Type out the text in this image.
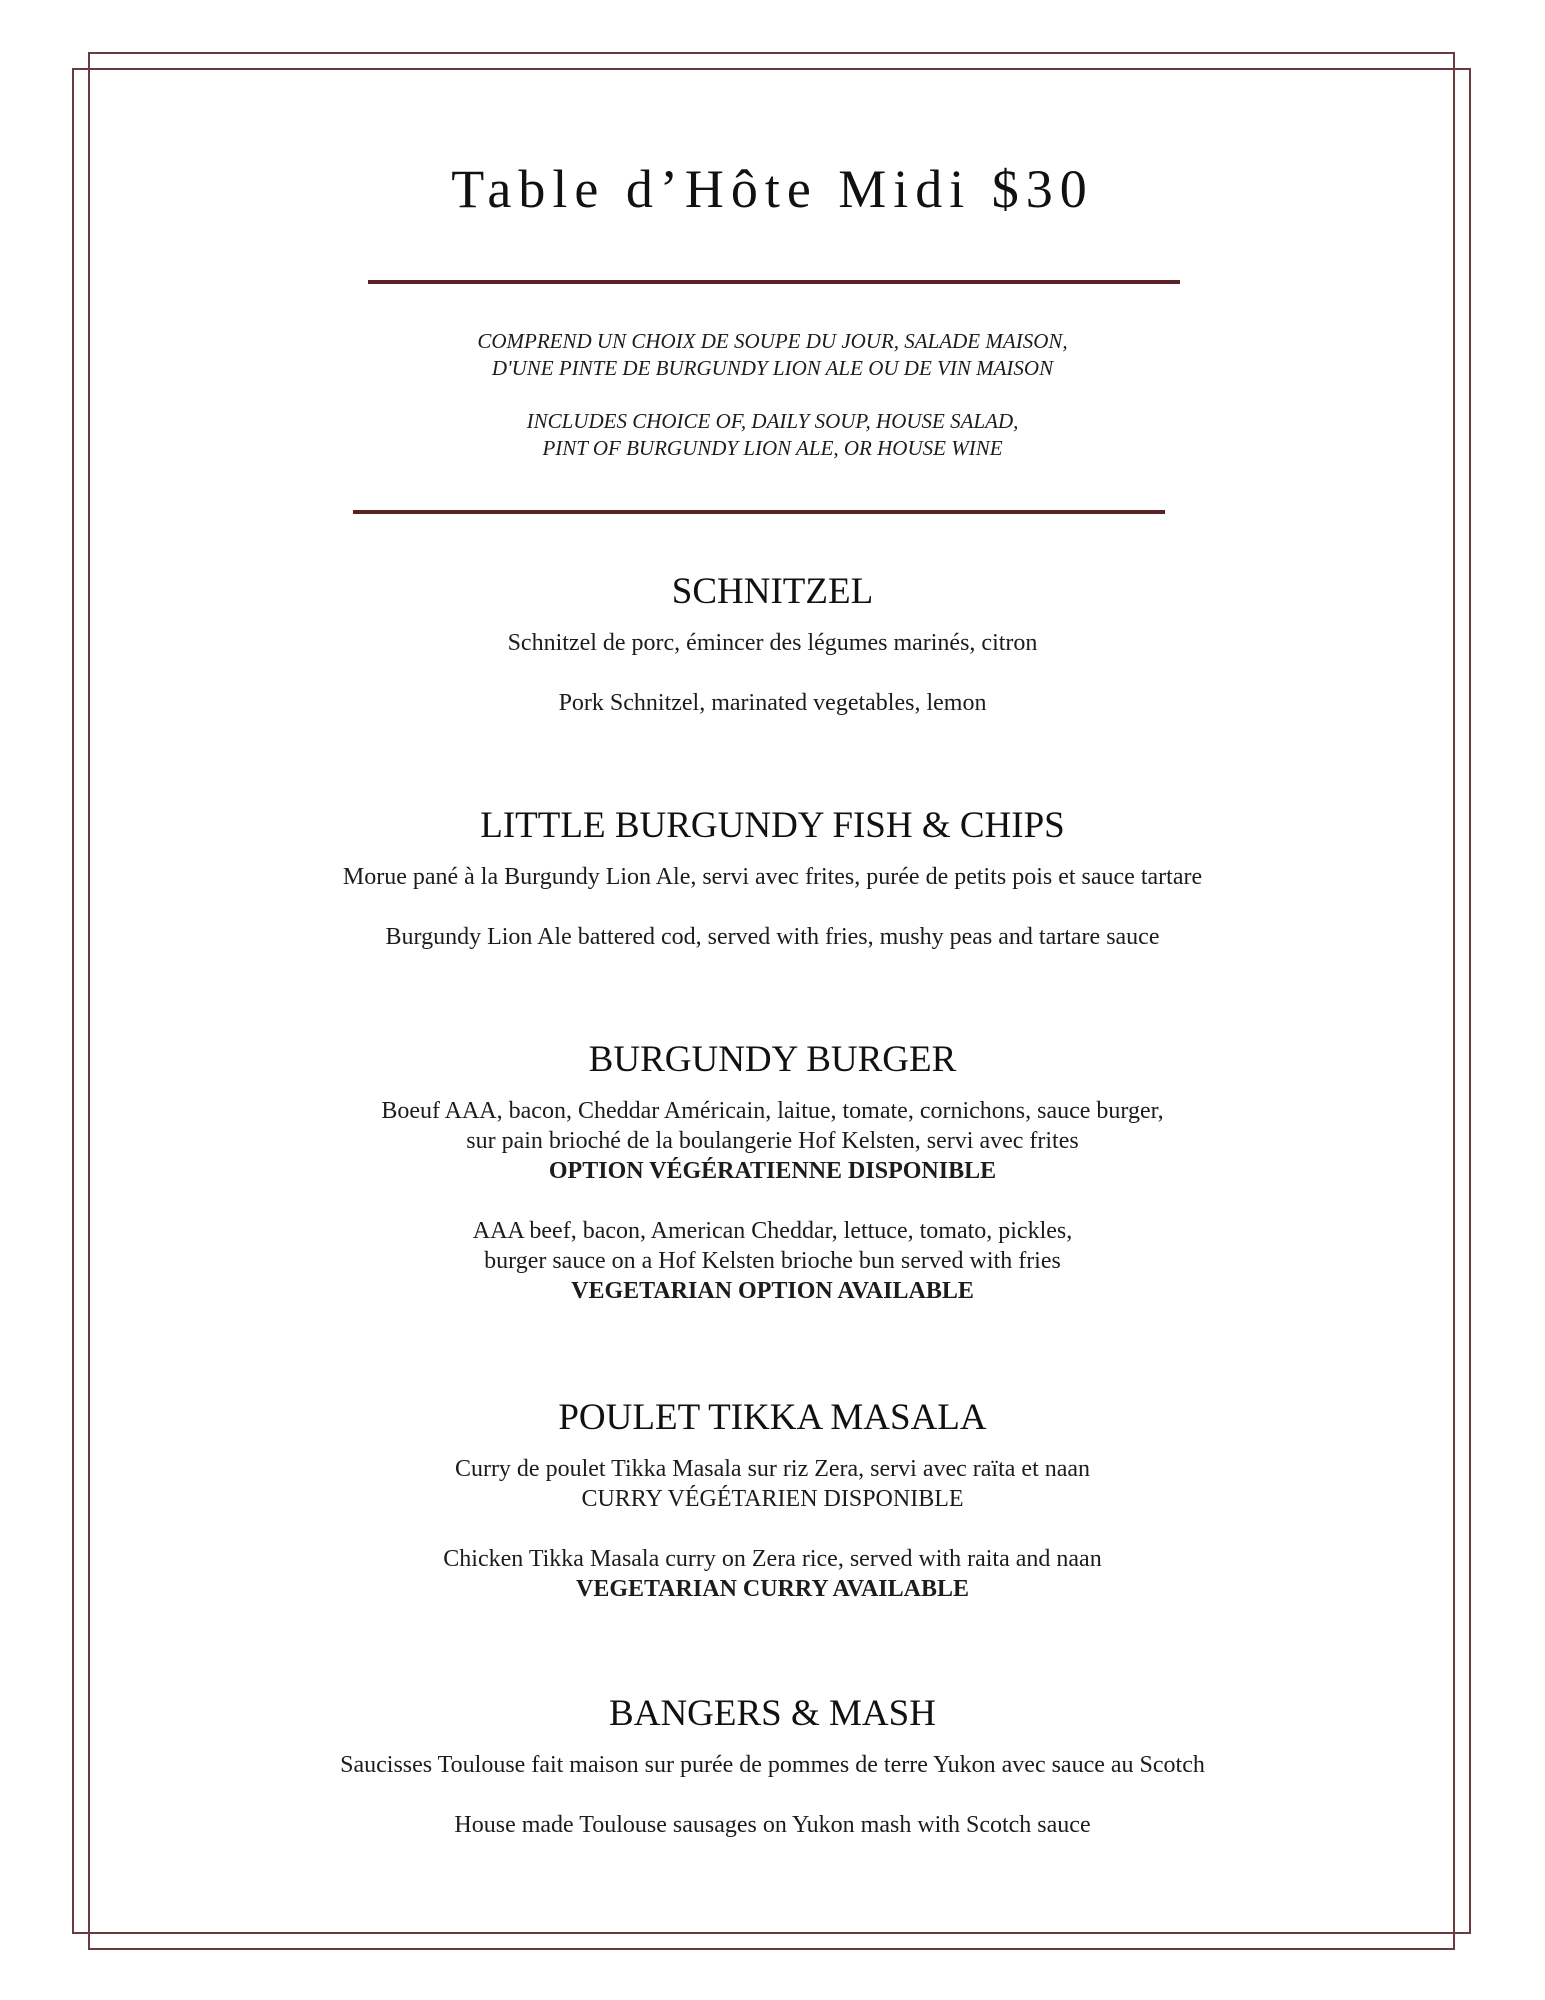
Table d’Hôte Midi $30
COMPREND UN CHOIX DE SOUPE DU JOUR, SALADE MAISON,
D'UNE PINTE DE BURGUNDY LION ALE OU DE VIN MAISON
INCLUDES CHOICE OF, DAILY SOUP, HOUSE SALAD,
PINT OF BURGUNDY LION ALE, OR HOUSE WINE
SCHNITZEL

Schnitzel de porc, émincer des légumes marinés, citron

Pork Schnitzel, marinated vegetables, lemon

LITTLE BURGUNDY FISH & CHIPS

Morue pané à la Burgundy Lion Ale, servi avec frites, purée de petits pois et sauce tartare

Burgundy Lion Ale battered cod, served with fries, mushy peas and tartare sauce

BURGUNDY BURGER

Boeuf AAA, bacon, Cheddar Américain, laitue, tomate, cornichons, sauce burger,

sur pain brioché de la boulangerie Hof Kelsten, servi avec frites

OPTION VÉGÉRATIENNE DISPONIBLE

AAA beef, bacon, American Cheddar, lettuce, tomato, pickles,

burger sauce on a Hof Kelsten brioche bun served with fries

VEGETARIAN OPTION AVAILABLE

POULET TIKKA MASALA

Curry de poulet Tikka Masala sur riz Zera, servi avec raïta et naan

CURRY VÉGÉTARIEN DISPONIBLE

Chicken Tikka Masala curry on Zera rice, served with raita and naan

VEGETARIAN CURRY AVAILABLE

BANGERS & MASH

Saucisses Toulouse fait maison sur purée de pommes de terre Yukon avec sauce au Scotch

House made Toulouse sausages on Yukon mash with Scotch sauce
